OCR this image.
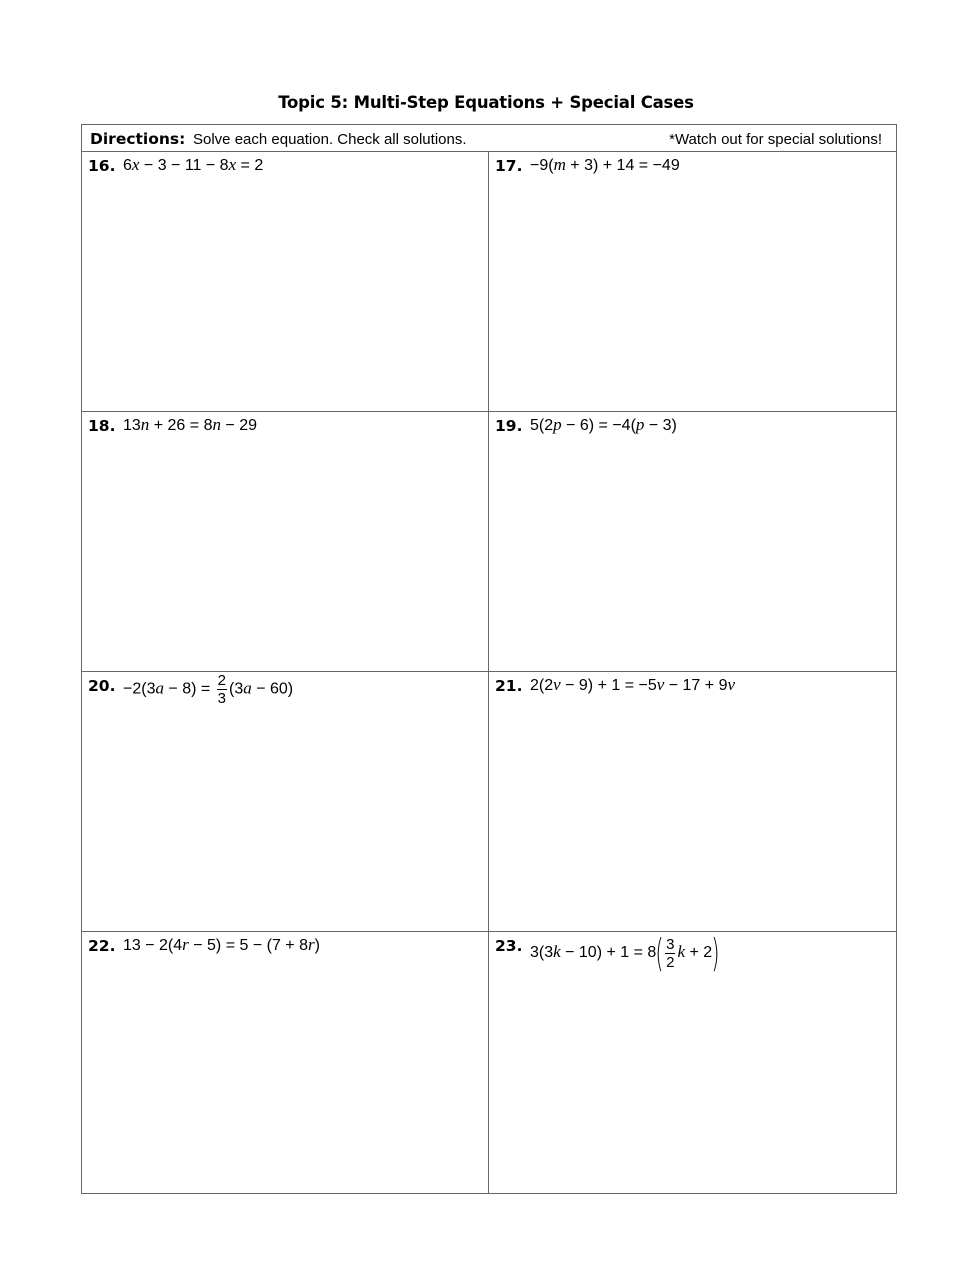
Topic 5: Multi-Step Equations + Special Cases
Directions: Solve each equation. Check all solutions.	*Watch out for special solutions!
16. 6x − 3 − 11 − 8x = 2	17. −9(m + 3) + 14 = −49
18. 13n + 26 = 8n − 29	19. 5(2p − 6) = −4(p − 3)
20. $-2(3a - 8) = \frac{2}{3} (3a - 60)$	21. 2(2v − 9) + 1 = −5v − 17 + 9v
22. 13 − 2(4r − 5) = 5 − (7 + 8r)	23. $3(3k - 10) + 1 = 8( \frac{3}{2}$ k + 2)
